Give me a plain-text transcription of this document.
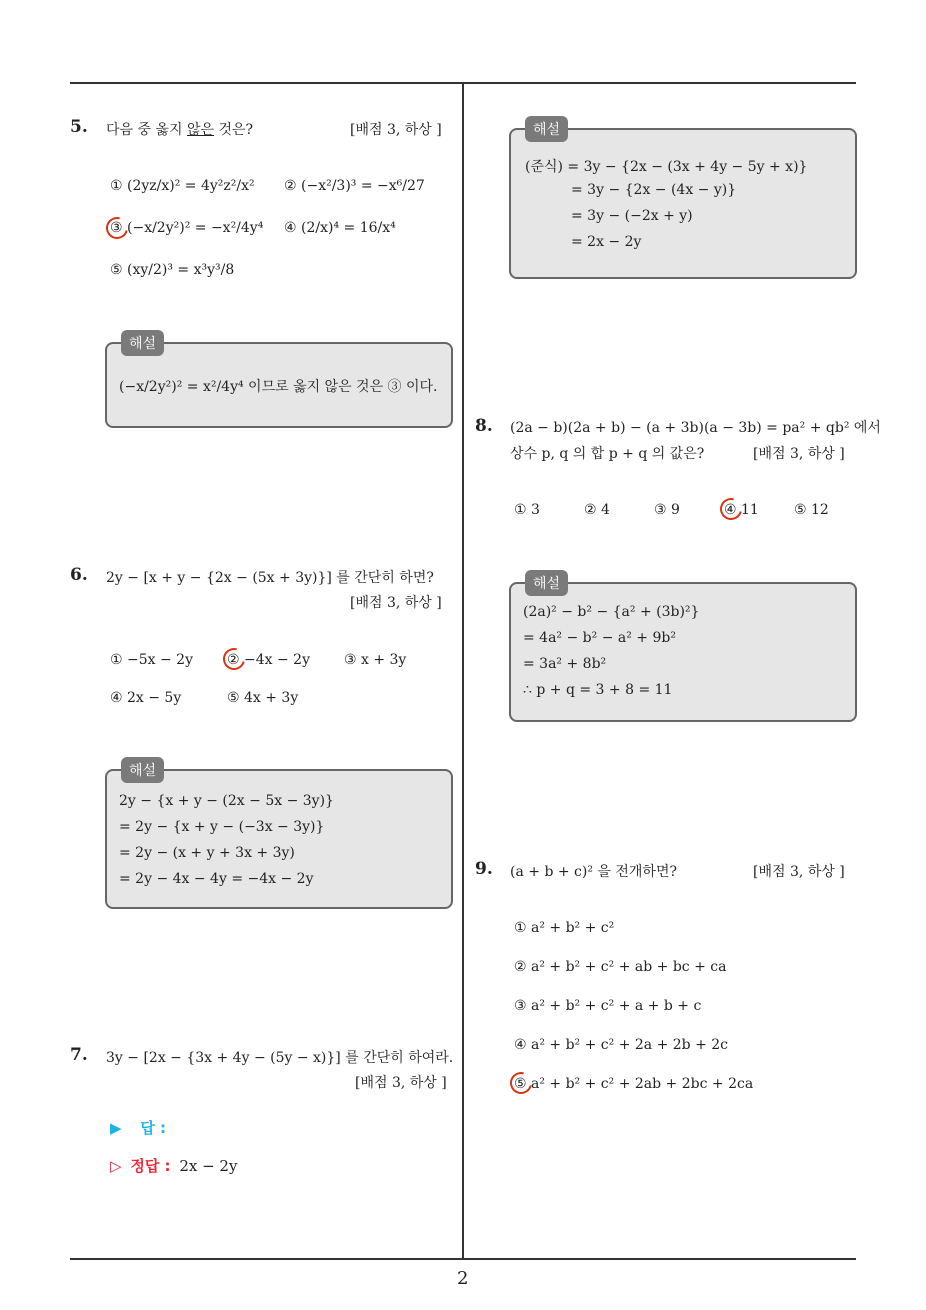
5. 다음 중 옳지 않은 것은?	[배점 3, 하상 ]
① (2yz/x)² = 4y²z²/x² ② (−x²/3)³ = −x⁶/27
③ (−x/2y²)² = −x²/4y⁴ ④ (2/x)⁴ = 16/x⁴
⑤ (xy/2)³ = x³y³/8
해설
(−x/2y²)² = x²/4y⁴ 이므로 옳지 않은 것은 ③ 이다.
6. 2y − [x + y − {2x − (5x + 3y)}] 를 간단히 하면?
[배점 3, 하상 ]
① −5x − 2y ② −4x − 2y ③ x + 3y
④ 2x − 5y	⑤ 4x + 3y
해설
2y − {x + y − (2x − 5x − 3y)}
= 2y − {x + y − (−3x − 3y)}
= 2y − (x + y + 3x + 3y)
= 2y − 4x − 4y = −4x − 2y
7. 3y − [2x − {3x + 4y − (5y − x)}] 를 간단히 하여라.
[배점 3, 하상 ]
▶ 답 :
▷ 정답 : 2x − 2y
해설
(준식) = 3y − {2x − (3x + 4y − 5y + x)}
= 3y − {2x − (4x − y)}
= 3y − (−2x + y)
= 2x − 2y
8. (2a − b)(2a + b) − (a + 3b)(a − 3b) = pa² + qb² 에서
상수 p, q 의 합 p + q 의 값은?	[배점 3, 하상 ]
① 3	② 4	③ 9	④ 11	⑤ 12
해설
(2a)² − b² − {a² + (3b)²}
= 4a² − b² − a² + 9b²
= 3a² + 8b²
∴ p + q = 3 + 8 = 11
9. (a + b + c)² 을 전개하면?	[배점 3, 하상 ]
① a² + b² + c²
② a² + b² + c² + ab + bc + ca
③ a² + b² + c² + a + b + c
④ a² + b² + c² + 2a + 2b + 2c
⑤ a² + b² + c² + 2ab + 2bc + 2ca
2
